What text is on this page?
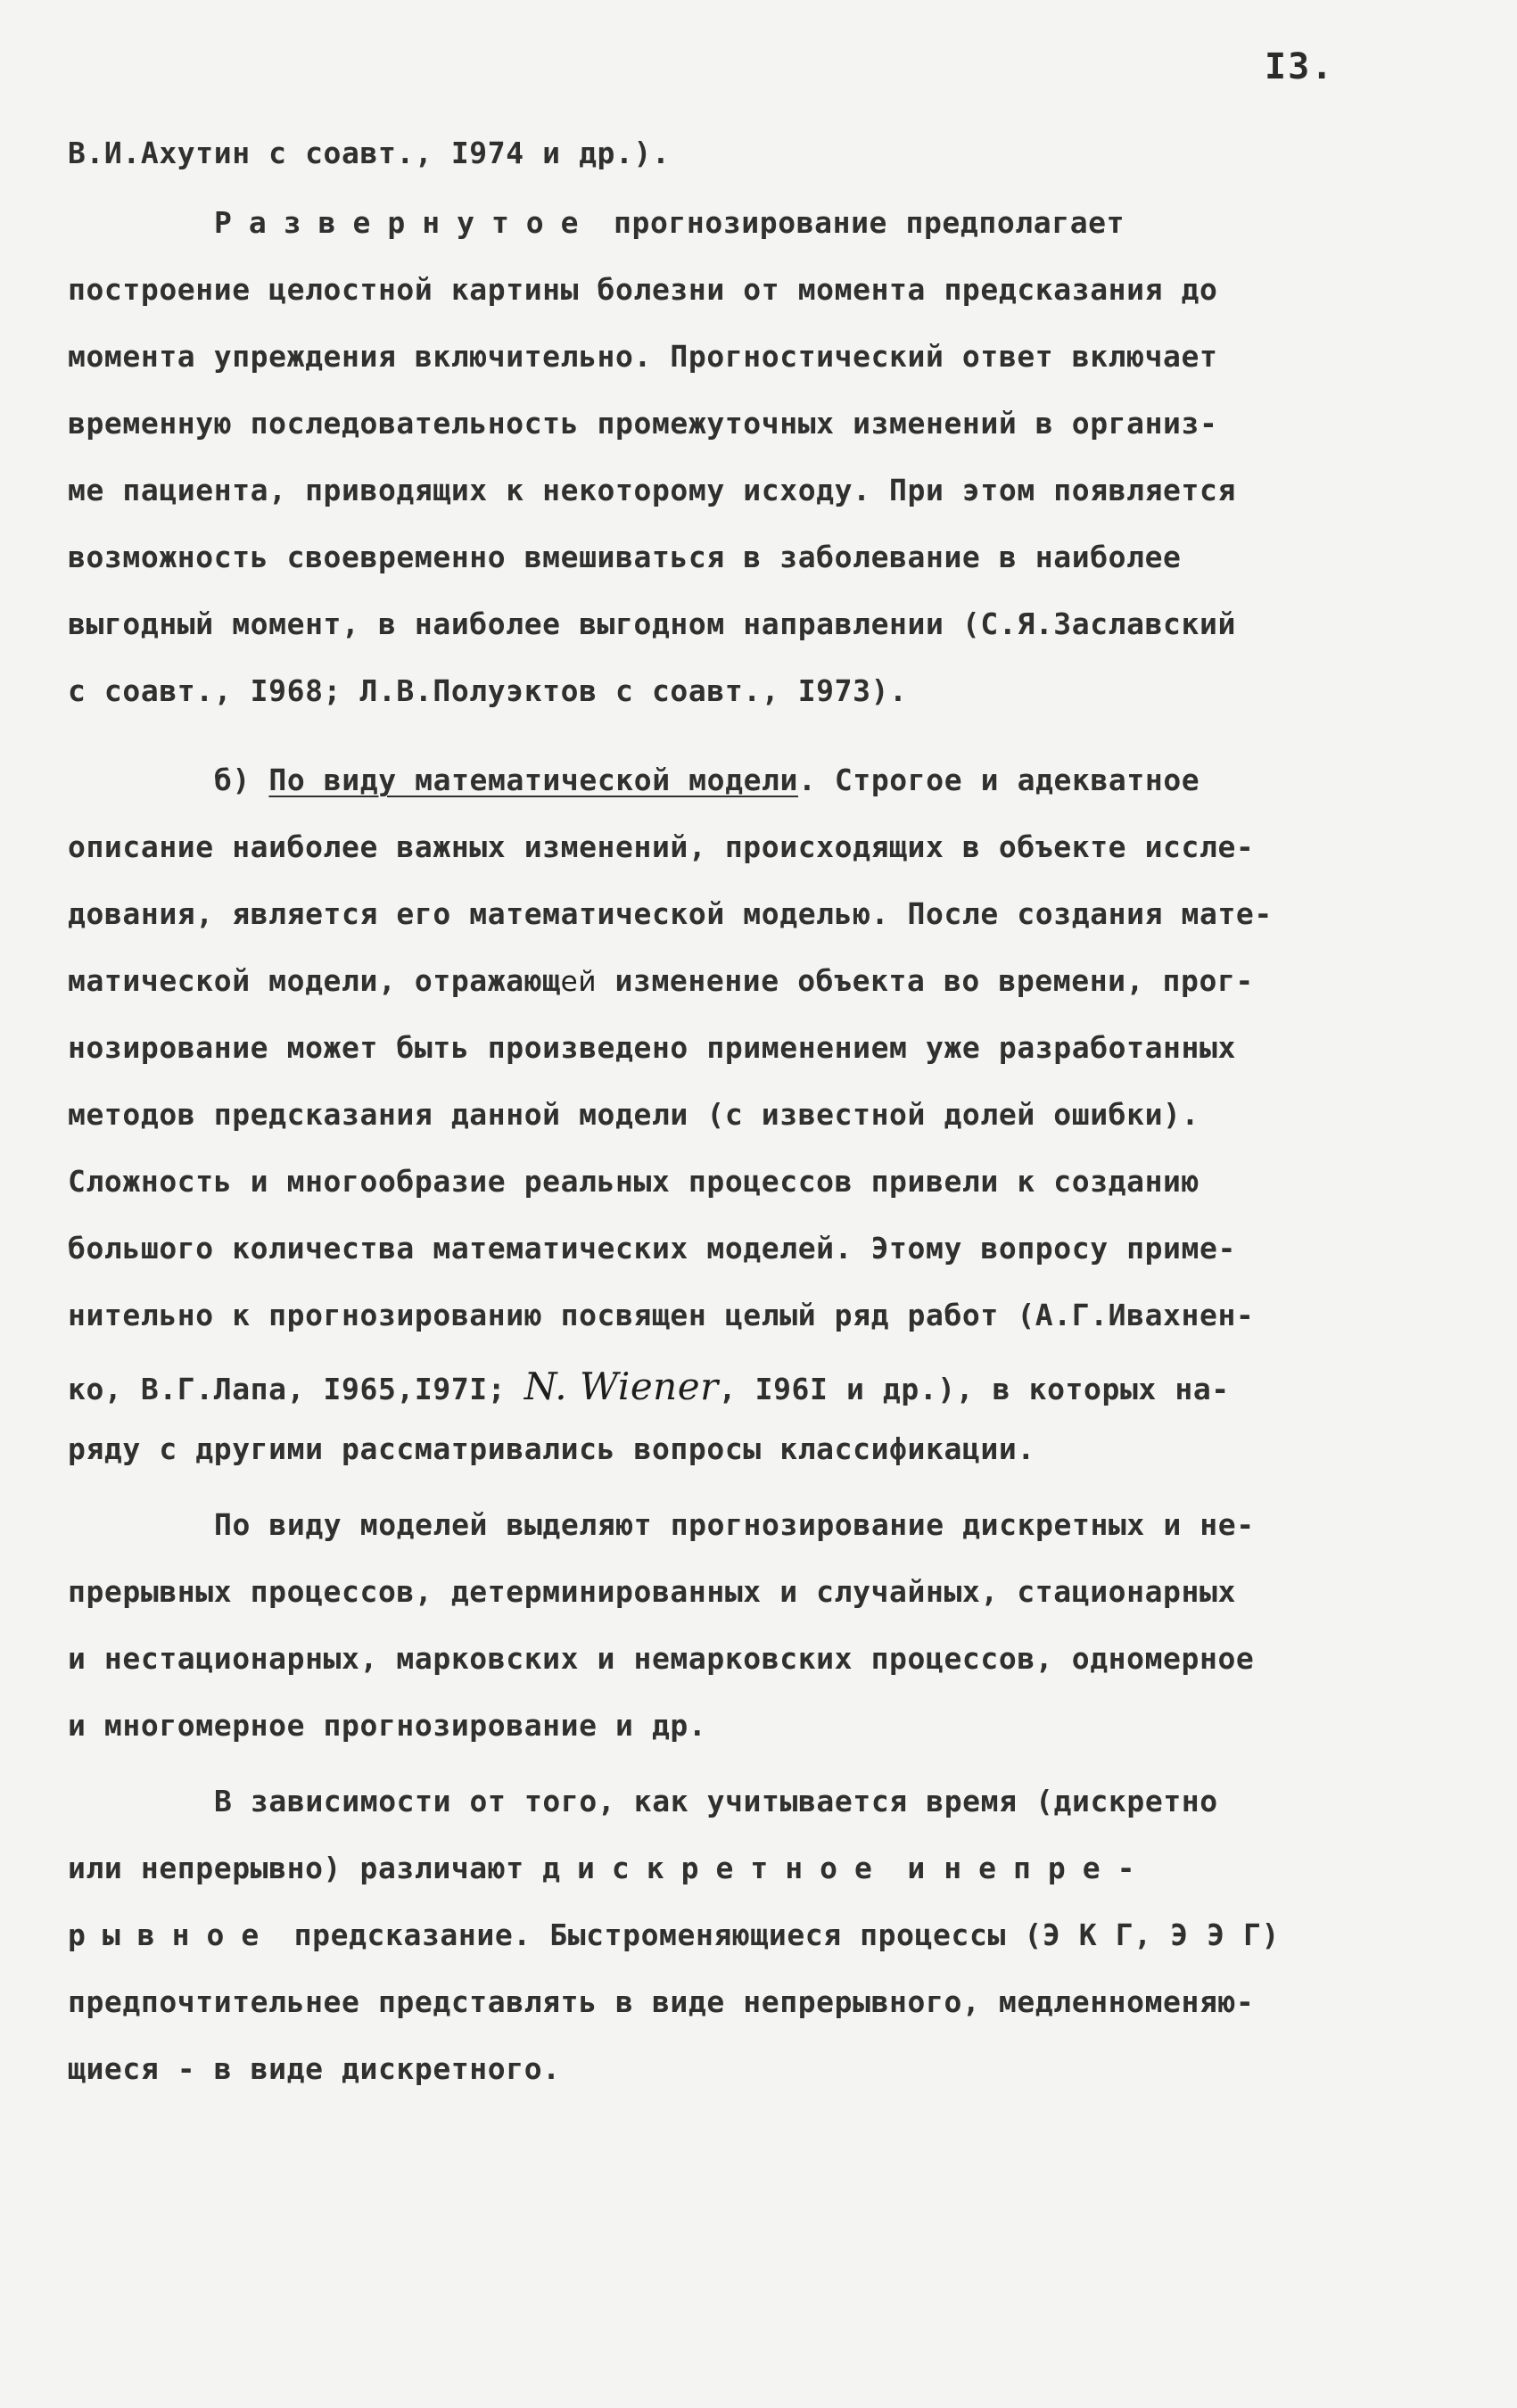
I3.
В.И.Ахутин с соавт., I974 и др.).
Развернутое прогнозирование предполагает
построение целостной картины болезни от момента предсказания до
момента упреждения включительно. Прогностический ответ включает
временную последовательность промежуточных изменений в организ-
ме пациента, приводящих к некоторому исходу. При этом появляется
возможность своевременно вмешиваться в заболевание в наиболее
выгодный момент, в наиболее выгодном направлении (С.Я.Заславский
с соавт., I968; Л.В.Полуэктов с соавт., I973).
б) По виду математической модели. Строгое и адекватное
описание наиболее важных изменений, происходящих в объекте иссле-
дования, является его математической моделью. После создания мате-
матической модели, отражающей изменение объекта во времени, прог-
нозирование может быть произведено применением уже разработанных
методов предсказания данной модели (с известной долей ошибки).
Сложность и многообразие реальных процессов привели к созданию
большого количества математических моделей. Этому вопросу приме-
нительно к прогнозированию посвящен целый ряд работ (А.Г.Ивахнен-
ко, В.Г.Лапа, I965,I97I; N. Wiener, I96I и др.), в которых на-
ряду с другими рассматривались вопросы классификации.
По виду моделей выделяют прогнозирование дискретных и не-
прерывных процессов, детерминированных и случайных, стационарных
и нестационарных, марковских и немарковских процессов, одномерное
и многомерное прогнозирование и др.
В зависимости от того, как учитывается время (дискретно
или непрерывно) различают дискретное и непре-
рывное предсказание. Быстроменяющиеся процессы (Э К Г, Э Э Г)
предпочтительнее представлять в виде непрерывного, медленноменяю-
щиеся - в виде дискретного.
